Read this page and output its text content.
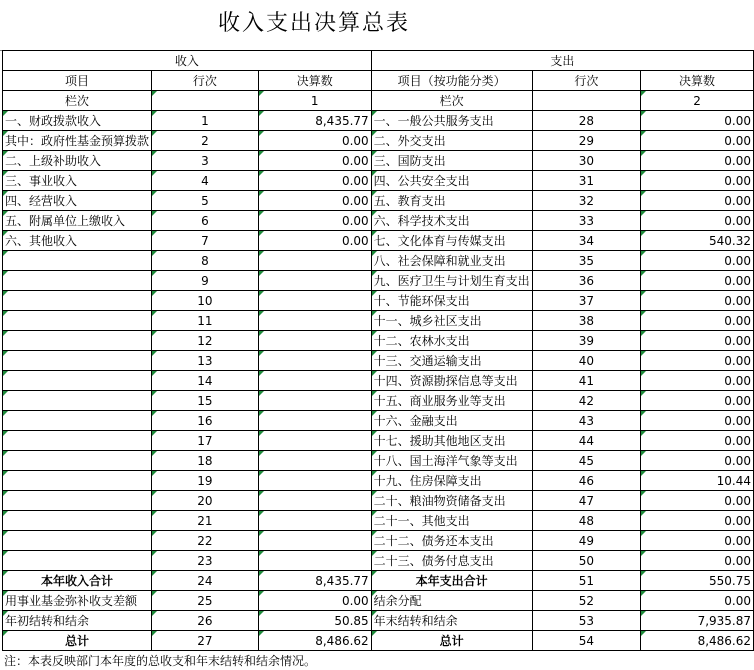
收入支出决算总表
收入			支出		
项目	行次	决算数	项目（按功能分类）	行次	决算数
栏次		1	栏次		2
一、财政拨款收入	1	8,435.77	一、一般公共服务支出	28	0.00
其中：政府性基金预算拨款	2	0.00	二、外交支出	29	0.00
二、上级补助收入	3	0.00	三、国防支出	30	0.00
三、事业收入	4	0.00	四、公共安全支出	31	0.00
四、经营收入	5	0.00	五、教育支出	32	0.00
五、附属单位上缴收入	6	0.00	六、科学技术支出	33	0.00
六、其他收入	7	0.00	七、文化体育与传媒支出	34	540.32
	8		八、社会保障和就业支出	35	0.00
	9		九、医疗卫生与计划生育支出	36	0.00
	10		十、节能环保支出	37	0.00
	11		十一、城乡社区支出	38	0.00
	12		十二、农林水支出	39	0.00
	13		十三、交通运输支出	40	0.00
	14		十四、资源勘探信息等支出	41	0.00
	15		十五、商业服务业等支出	42	0.00
	16		十六、金融支出	43	0.00
	17		十七、援助其他地区支出	44	0.00
	18		十八、国土海洋气象等支出	45	0.00
	19		十九、住房保障支出	46	10.44
	20		二十、粮油物资储备支出	47	0.00
	21		二十一、其他支出	48	0.00
	22		二十二、债务还本支出	49	0.00
	23		二十三、债务付息支出	50	0.00
本年收入合计	24	8,435.77	本年支出合计	51	550.75
用事业基金弥补收支差额	25	0.00	结余分配	52	0.00
年初结转和结余	26	50.85	年末结转和结余	53	7,935.87
总计	27	8,486.62	总计	54	8,486.62
注：本表反映部门本年度的总收支和年末结转和结余情况。
